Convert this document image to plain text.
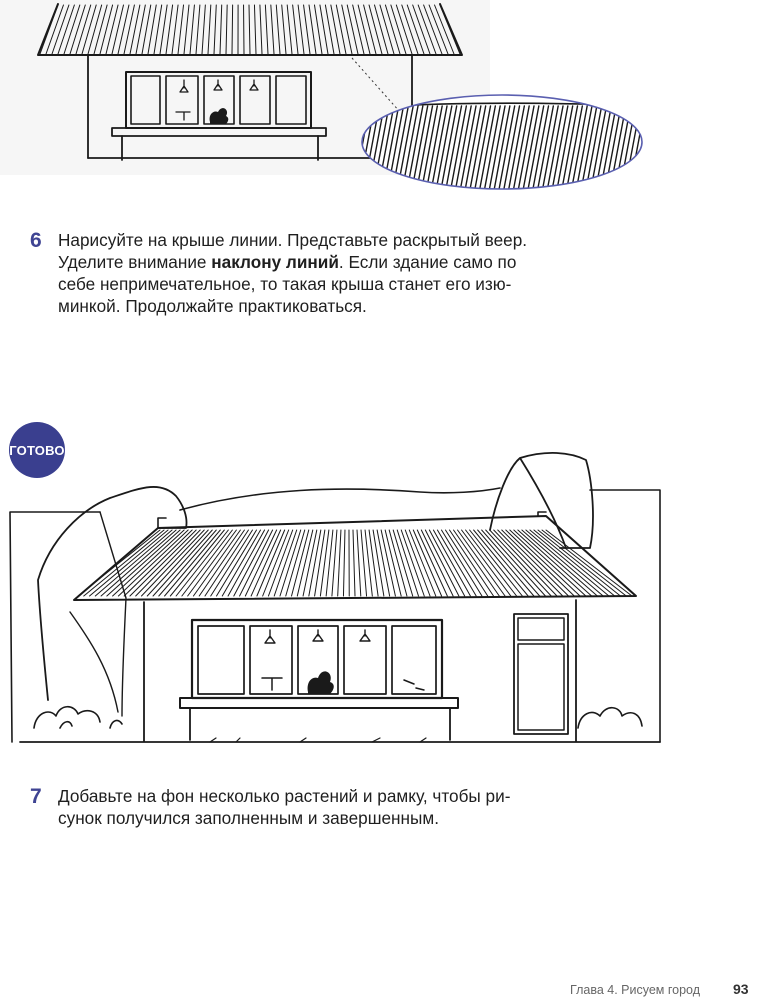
6 Нарисуйте на крыше линии. Представьте раскрытый веер.
Уделите внимание наклону линий. Если здание само по
себе непримечательное, то такая крыша станет его изю-
минкой. Продолжайте практиковаться.
ГОТОВО
7 Добавьте на фон несколько растений и рамку, чтобы ри-
сунок получился заполненным и завершенным.
Глава 4. Рисуем город 93
